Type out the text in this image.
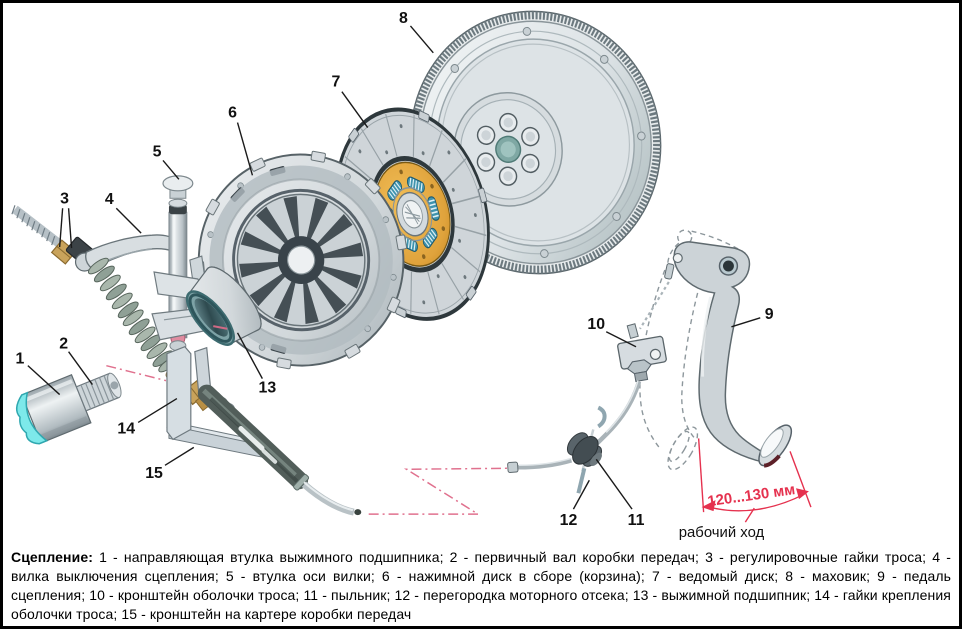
1
2
3 4
5
6
7
8
9
10
11
12
13
14
15
120...130 мм
рабочий ход
Сцепление: 1 - направляющая втулка выжимного подшипника; 2 - первичный вал коробки передач; 3 - регулировочные гайки троса; 4 - вилка выключения сцепления; 5 - втулка оси вилки; 6 - нажимной диск в сборе (корзина); 7 - ведомый диск; 8 - маховик; 9 - педаль сцепления; 10 - кронштейн оболочки троса; 11 - пыльник; 12 - перегородка моторного отсека; 13 - выжимной подшипник; 14 - гайки крепления оболочки троса; 15 - кронштейн на картере коробки передач
